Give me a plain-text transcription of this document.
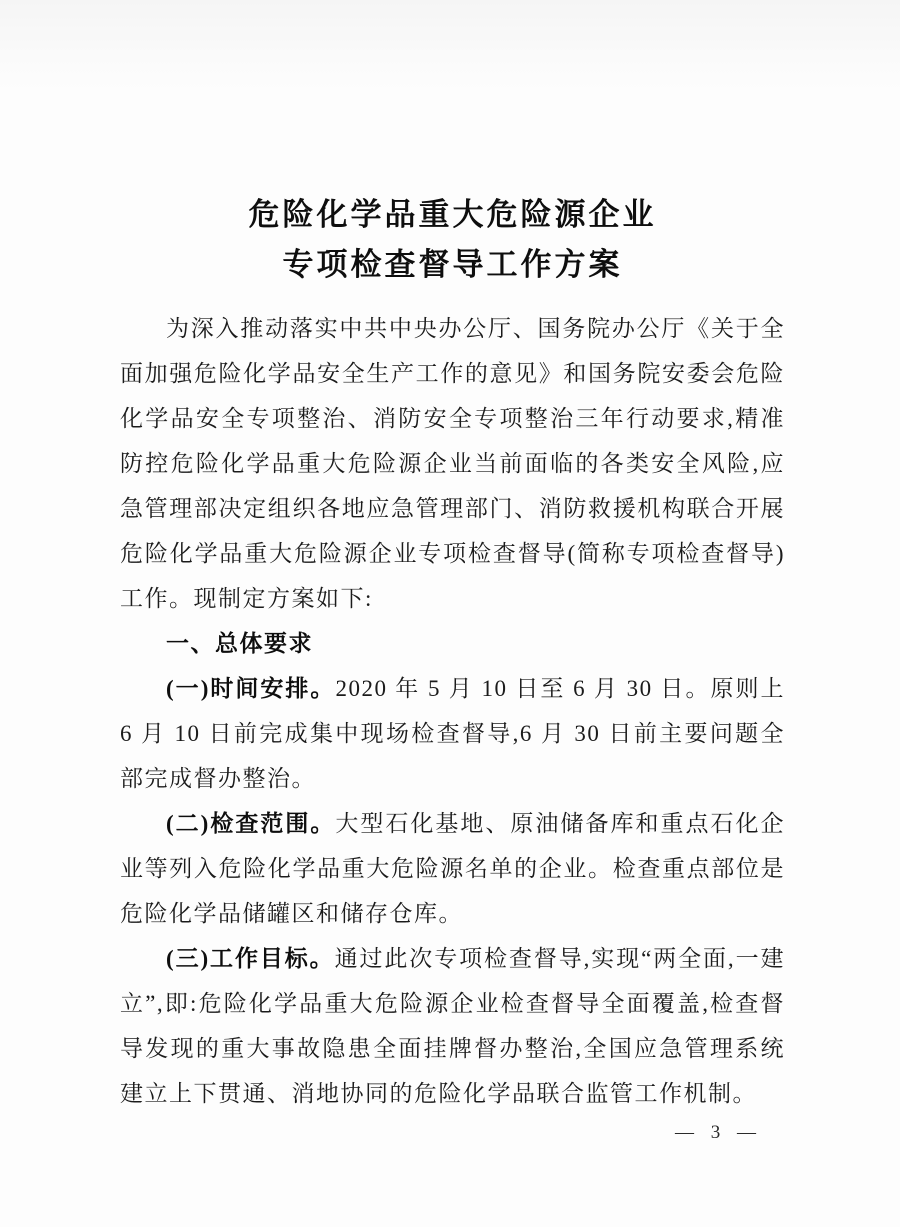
危险化学品重大危险源企业
专项检查督导工作方案

为深入推动落实中共中央办公厅、国务院办公厅《关于全面加强危险化学品安全生产工作的意见》和国务院安委会危险化学品安全专项整治、消防安全专项整治三年行动要求,精准防控危险化学品重大危险源企业当前面临的各类安全风险,应急管理部决定组织各地应急管理部门、消防救援机构联合开展危险化学品重大危险源企业专项检查督导(简称专项检查督导)工作。现制定方案如下:

一、总体要求

(一)时间安排。2020 年 5 月 10 日至 6 月 30 日。原则上 6 月 10 日前完成集中现场检查督导,6 月 30 日前主要问题全部完成督办整治。

(二)检查范围。大型石化基地、原油储备库和重点石化企业等列入危险化学品重大危险源名单的企业。检查重点部位是危险化学品储罐区和储存仓库。

(三)工作目标。通过此次专项检查督导,实现“两全面,一建立”,即:危险化学品重大危险源企业检查督导全面覆盖,检查督导发现的重大事故隐患全面挂牌督办整治,全国应急管理系统建立上下贯通、消地协同的危险化学品联合监管工作机制。

— 3 —
